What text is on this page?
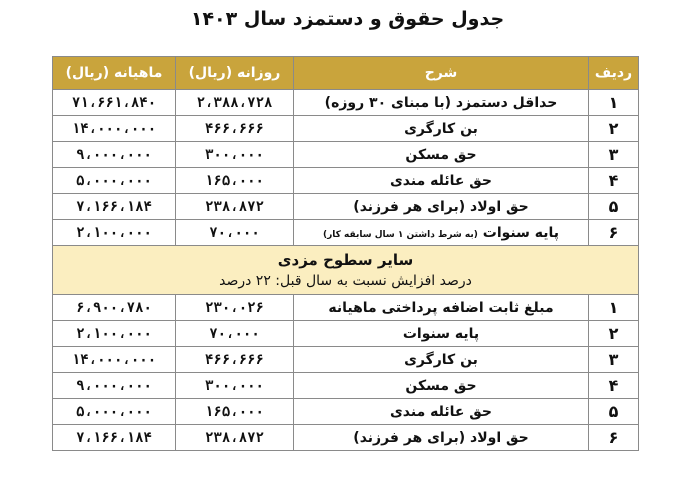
جدول حقوق و دستمزد سال ۱۴۰۳
ردیف	شرح	روزانه (ریال)	ماهیانه (ریال)
۱	حداقل دستمزد (با مبنای ۳۰ روزه)	۲،۳۸۸،۷۲۸	۷۱،۶۶۱،۸۴۰
۲	بن کارگری	۴۶۶،۶۶۶	۱۴،۰۰۰،۰۰۰
۳	حق مسکن	۳۰۰،۰۰۰	۹،۰۰۰،۰۰۰
۴	حق عائله مندی	۱۶۵،۰۰۰	۵،۰۰۰،۰۰۰
۵	حق اولاد (برای هر فرزند)	۲۳۸،۸۷۲	۷،۱۶۶،۱۸۴
۶	پایه سنوات (به شرط داشتن ۱ سال سابقه کار)	۷۰،۰۰۰	۲،۱۰۰،۰۰۰

سایر سطوح مزدی
درصد افزایش نسبت به سال قبل: ۲۲ درصد			

۱	مبلغ ثابت اضافه پرداختی ماهیانه	۲۳۰،۰۲۶	۶،۹۰۰،۷۸۰
۲	پایه سنوات	۷۰،۰۰۰	۲،۱۰۰،۰۰۰
۳	بن کارگری	۴۶۶،۶۶۶	۱۴،۰۰۰،۰۰۰
۴	حق مسکن	۳۰۰،۰۰۰	۹،۰۰۰،۰۰۰
۵	حق عائله مندی	۱۶۵،۰۰۰	۵،۰۰۰،۰۰۰
۶	حق اولاد (برای هر فرزند)	۲۳۸،۸۷۲	۷،۱۶۶،۱۸۴
